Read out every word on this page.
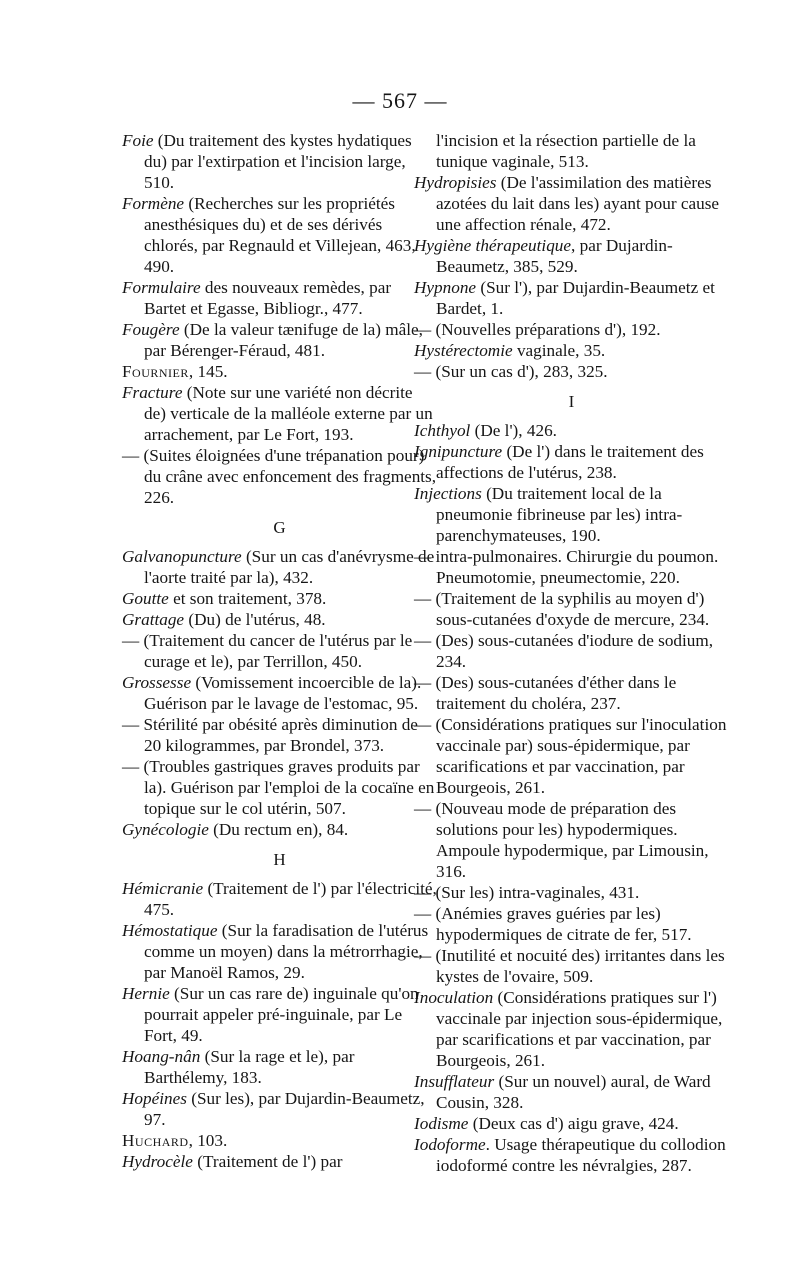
— 567 —

Foie (Du traitement des kystes hydatiques du) par l'extirpation et l'incision large, 510.

Formène (Recherches sur les propriétés anesthésiques du) et de ses dérivés chlorés, par Regnauld et Villejean, 463, 490.

Formulaire des nouveaux remèdes, par Bartet et Egasse, Bibliogr., 477.

Fougère (De la valeur tænifuge de la) mâle, par Bérenger-Féraud, 481.

Fournier, 145.

Fracture (Note sur une variété non décrite de) verticale de la malléole externe par un arrachement, par Le Fort, 193.

— (Suites éloignées d'une trépanation pour) du crâne avec enfoncement des fragments, 226.

G

Galvanopuncture (Sur un cas d'anévrysme de l'aorte traité par la), 432.

Goutte et son traitement, 378.

Grattage (Du) de l'utérus, 48.

— (Traitement du cancer de l'utérus par le curage et le), par Terrillon, 450.

Grossesse (Vomissement incoercible de la). Guérison par le lavage de l'estomac, 95.

— Stérilité par obésité après diminution de 20 kilogrammes, par Brondel, 373.

— (Troubles gastriques graves produits par la). Guérison par l'emploi de la cocaïne en topique sur le col utérin, 507.

Gynécologie (Du rectum en), 84.

H

Hémicranie (Traitement de l') par l'électricité, 475.

Hémostatique (Sur la faradisation de l'utérus comme un moyen) dans la métrorrhagie, par Manoël Ramos, 29.

Hernie (Sur un cas rare de) inguinale qu'on pourrait appeler pré-inguinale, par Le Fort, 49.

Hoang-nân (Sur la rage et le), par Barthélemy, 183.

Hopéines (Sur les), par Dujardin-Beaumetz, 97.

Huchard, 103.

Hydrocèle (Traitement de l') par

l'incision et la résection partielle de la tunique vaginale, 513.

Hydropisies (De l'assimilation des matières azotées du lait dans les) ayant pour cause une affection rénale, 472.

Hygiène thérapeutique, par Dujardin-Beaumetz, 385, 529.

Hypnone (Sur l'), par Dujardin-Beaumetz et Bardet, 1.

— (Nouvelles préparations d'), 192.

Hystérectomie vaginale, 35.

— (Sur un cas d'), 283, 325.

I

Ichthyol (De l'), 426.

Ignipuncture (De l') dans le traitement des affections de l'utérus, 238.

Injections (Du traitement local de la pneumonie fibrineuse par les) intra-parenchymateuses, 190.

— intra-pulmonaires. Chirurgie du poumon. Pneumotomie, pneumectomie, 220.

— (Traitement de la syphilis au moyen d') sous-cutanées d'oxyde de mercure, 234.

— (Des) sous-cutanées d'iodure de sodium, 234.

— (Des) sous-cutanées d'éther dans le traitement du choléra, 237.

— (Considérations pratiques sur l'inoculation vaccinale par) sous-épidermique, par scarifications et par vaccination, par Bourgeois, 261.

— (Nouveau mode de préparation des solutions pour les) hypodermiques. Ampoule hypodermique, par Limousin, 316.

— (Sur les) intra-vaginales, 431.

— (Anémies graves guéries par les) hypodermiques de citrate de fer, 517.

— (Inutilité et nocuité des) irritantes dans les kystes de l'ovaire, 509.

Inoculation (Considérations pratiques sur l') vaccinale par injection sous-épidermique, par scarifications et par vaccination, par Bourgeois, 261.

Insufflateur (Sur un nouvel) aural, de Ward Cousin, 328.

Iodisme (Deux cas d') aigu grave, 424.

Iodoforme. Usage thérapeutique du collodion iodoformé contre les névralgies, 287.
